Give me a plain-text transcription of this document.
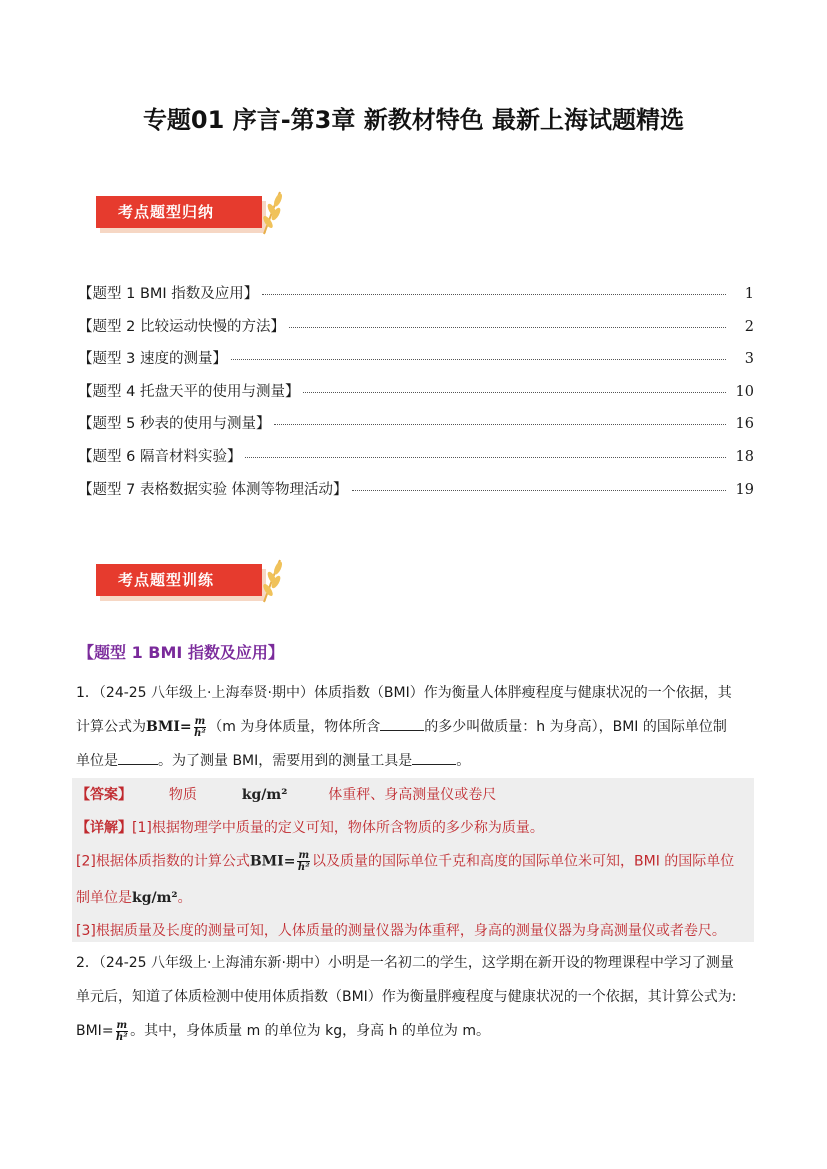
专题01 序言-第3章 新教材特色 最新上海试题精选
考点题型归纳
【题型 1 BMI 指数及应用】	1
【题型 2 比较运动快慢的方法】	2
【题型 3 速度的测量】	3
【题型 4 托盘天平的使用与测量】	10
【题型 5 秒表的使用与测量】	16
【题型 6 隔音材料实验】	18
【题型 7 表格数据实验 体测等物理活动】	19
考点题型训练
【题型 1 BMI 指数及应用】
1．（24-25 八年级上·上海奉贤·期中）体质指数（BMI）作为衡量人体胖瘦程度与健康状况的一个依据，其
计算公式为$BMI= \frac{m}{\text{h²}} (m$ 为身体质量，物体所含	的多少叫做质量：h 为身高），BMI 的国际单位制
单位是	。为了测量 BMI，需要用到的测量工具是	。
【答案】	物质	kg/m²	体重秤、身高测量仪或卷尺
【详解】[1]根据物理学中质量的定义可知，物体所含物质的多少称为质量。
[2]根据体质指数的计算公式$BMI= \frac{m}{\text{h²}}$ 以及质量的国际单位千克和高度的国际单位米可知，BMI 的国际单位
制单位是kg/m²。
[3]根据质量及长度的测量可知，人体质量的测量仪器为体重秤，身高的测量仪器为身高测量仪或者卷尺。
2．（24-25 八年级上·上海浦东新·期中）小明是一名初二的学生，这学期在新开设的物理课程中学习了测量
单元后，知道了体质检测中使用体质指数（BMI）作为衡量胖瘦程度与健康状况的一个依据，其计算公式为:
$BMI= \frac{m}{\text{h²}}$ 。其中，身体质量 m 的单位为 kg，身高 h 的单位为 m。
